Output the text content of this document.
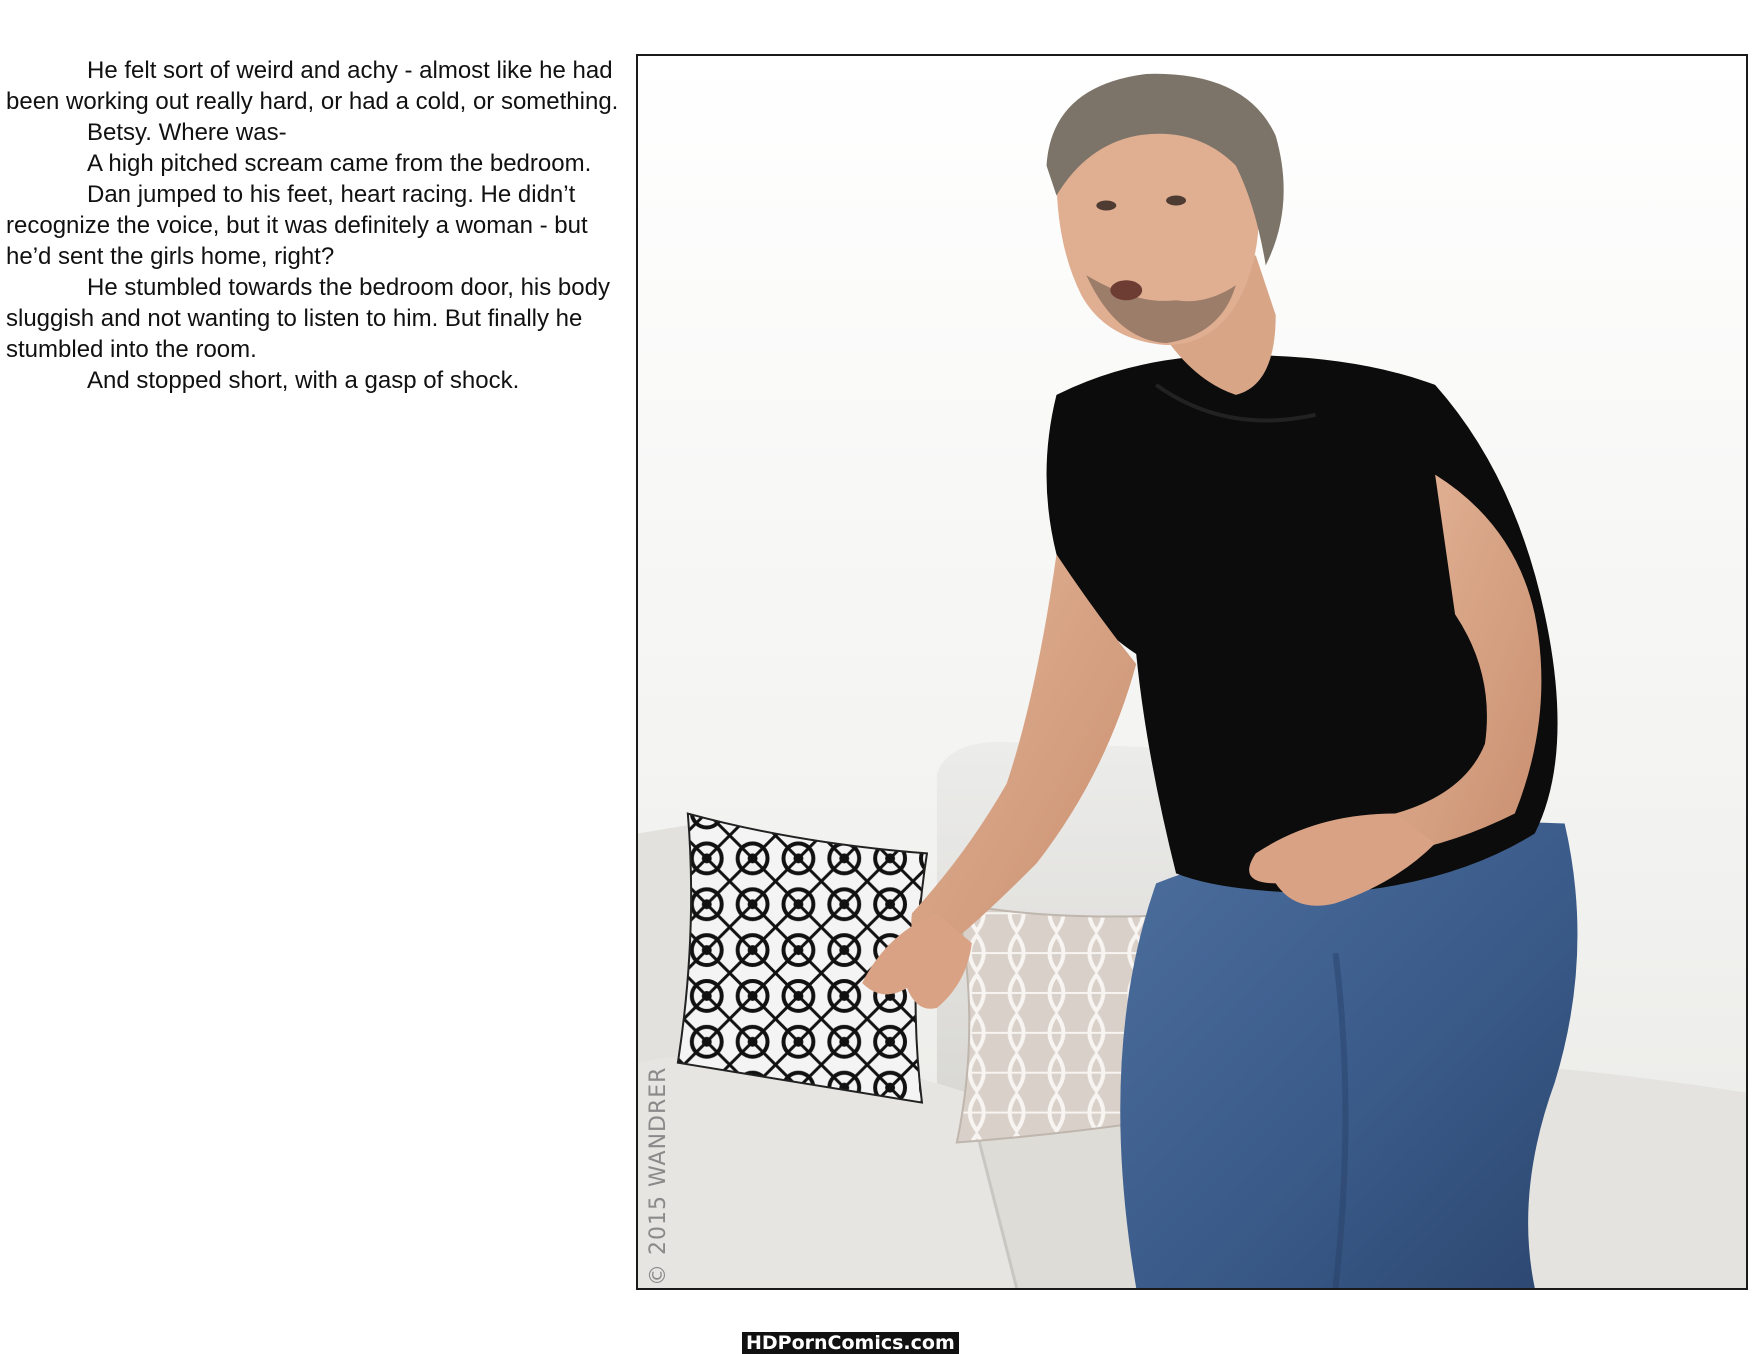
He felt sort of weird and achy - almost like he had been working out really hard, or had a cold, or something.

Betsy. Where was-

A high pitched scream came from the bedroom.

Dan jumped to his feet, heart racing. He didn’t recognize the voice, but it was definitely a woman - but he’d sent the girls home, right?

He stumbled towards the bedroom door, his body sluggish and not wanting to listen to him. But finally he stumbled into the room.

And stopped short, with a gasp of shock.

© 2015 WANDRER
HDPornComics.com
